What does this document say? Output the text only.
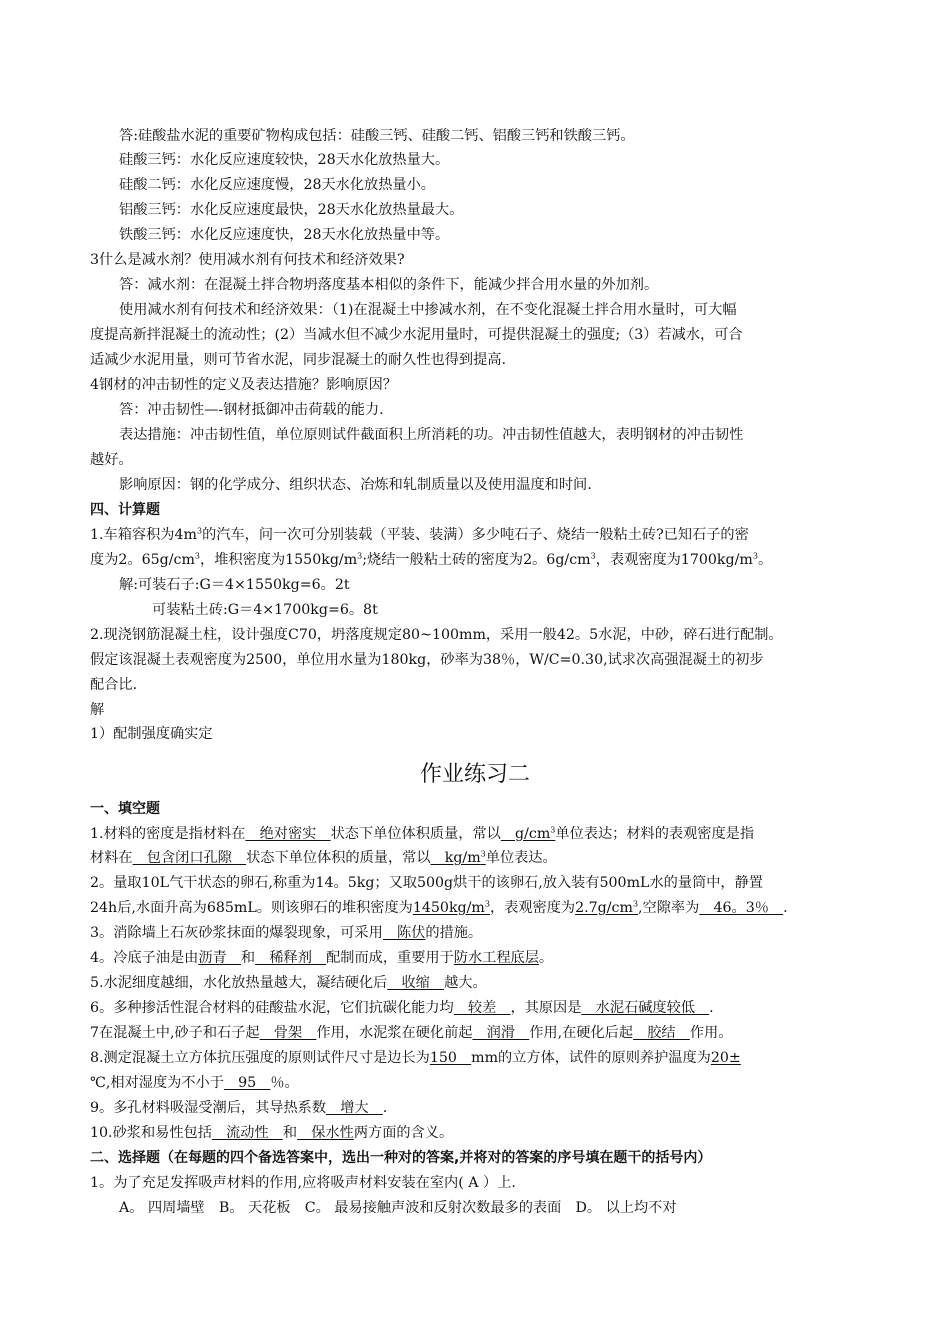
答:硅酸盐水泥的重要矿物构成包括：硅酸三钙、硅酸二钙、铝酸三钙和铁酸三钙。
硅酸三钙：水化反应速度较快，28天水化放热量大。
硅酸二钙：水化反应速度慢，28天水化放热量小。
铝酸三钙：水化反应速度最快，28天水化放热量最大。
铁酸三钙：水化反应速度快，28天水化放热量中等。
3什么是减水剂？使用减水剂有何技术和经济效果?
答：减水剂：在混凝土拌合物坍落度基本相似的条件下，能减少拌合用水量的外加剂。
使用减水剂有何技术和经济效果：（1)在混凝土中掺减水剂，在不变化混凝土拌合用水量时，可大幅
度提高新拌混凝土的流动性；(2）当减水但不减少水泥用量时，可提供混凝土的强度;（3）若减水，可合
适减少水泥用量，则可节省水泥，同步混凝土的耐久性也得到提高.
4钢材的冲击韧性的定义及表达措施？影响原因？
答：冲击韧性—-钢材抵御冲击荷载的能力.
表达措施：冲击韧性值，单位原则试件截面积上所消耗的功。冲击韧性值越大，表明钢材的冲击韧性
越好。
影响原因：钢的化学成分、组织状态、冶炼和轧制质量以及使用温度和时间.
四、计算题
1.车箱容积为$4m^3$的汽车，问一次可分别装载（平装、装满）多少吨石子、烧结一般粘土砖?已知石子的密
度为2。$65g/cm^3$，堆积密度为$1550kg/m^3$;烧结一般粘土砖的密度为2。$6g/cm^3$，表观密度为$1700kg/m^3$。
解:可装石子:G＝4×1550kg=6。2t
可装粘土砖:G＝4×1700kg=6。8t
2.现浇钢筋混凝土柱，设计强度C70，坍落度规定80~100mm，采用一般42。5水泥，中砂，碎石进行配制。
假定该混凝土表观密度为2500，单位用水量为180kg，砂率为38％，W/C=0.30,试求次高强混凝土的初步
配合比.
解
1）配制强度确实定
作业练习二
一、填空题
1.材料的密度是指材料在　绝对密实　状态下单位体积质量，常以　$g/cm^3$单位表达；材料的表观密度是指
材料在　包含闭口孔隙　状态下单位体积的质量，常以　$kg/m^3$单位表达。
2。量取10L气干状态的卵石,称重为14。5kg；又取500g烘干的该卵石,放入装有500mL水的量筒中，静置
24h后,水面升高为685mL。则该卵石的堆积密度为$1450kg/m^3$，表观密度为$2.7g/cm^3$,空隙率为　46。3％　.
3。消除墙上石灰砂浆抹面的爆裂现象，可采用　陈伏的措施。
4。冷底子油是由沥青　和　稀释剂　配制而成，重要用于防水工程底层。
5.水泥细度越细，水化放热量越大，凝结硬化后　收缩　越大。
6。多种掺活性混合材料的硅酸盐水泥，它们抗碳化能力均　较差　，其原因是　水泥石碱度较低　.
7在混凝土中,砂子和石子起　骨架　作用，水泥浆在硬化前起　润滑　作用,在硬化后起　胶结　作用。
8.测定混凝土立方体抗压强度的原则试件尺寸是边长为150　mm的立方体，试件的原则养护温度为20±
℃,相对湿度为不小于　95　％。
9。多孔材料吸湿受潮后，其导热系数　增大　.
10.砂浆和易性包括　流动性　和　保水性两方面的含义。
二、选择题（在每题的四个备选答案中，选出一种对的答案,并将对的答案的序号填在题干的括号内）
1。为了充足发挥吸声材料的作用,应将吸声材料安装在室内( A ）上.
A。 四周墙壁　B。 天花板　C。 最易接触声波和反射次数最多的表面　D。 以上均不对
